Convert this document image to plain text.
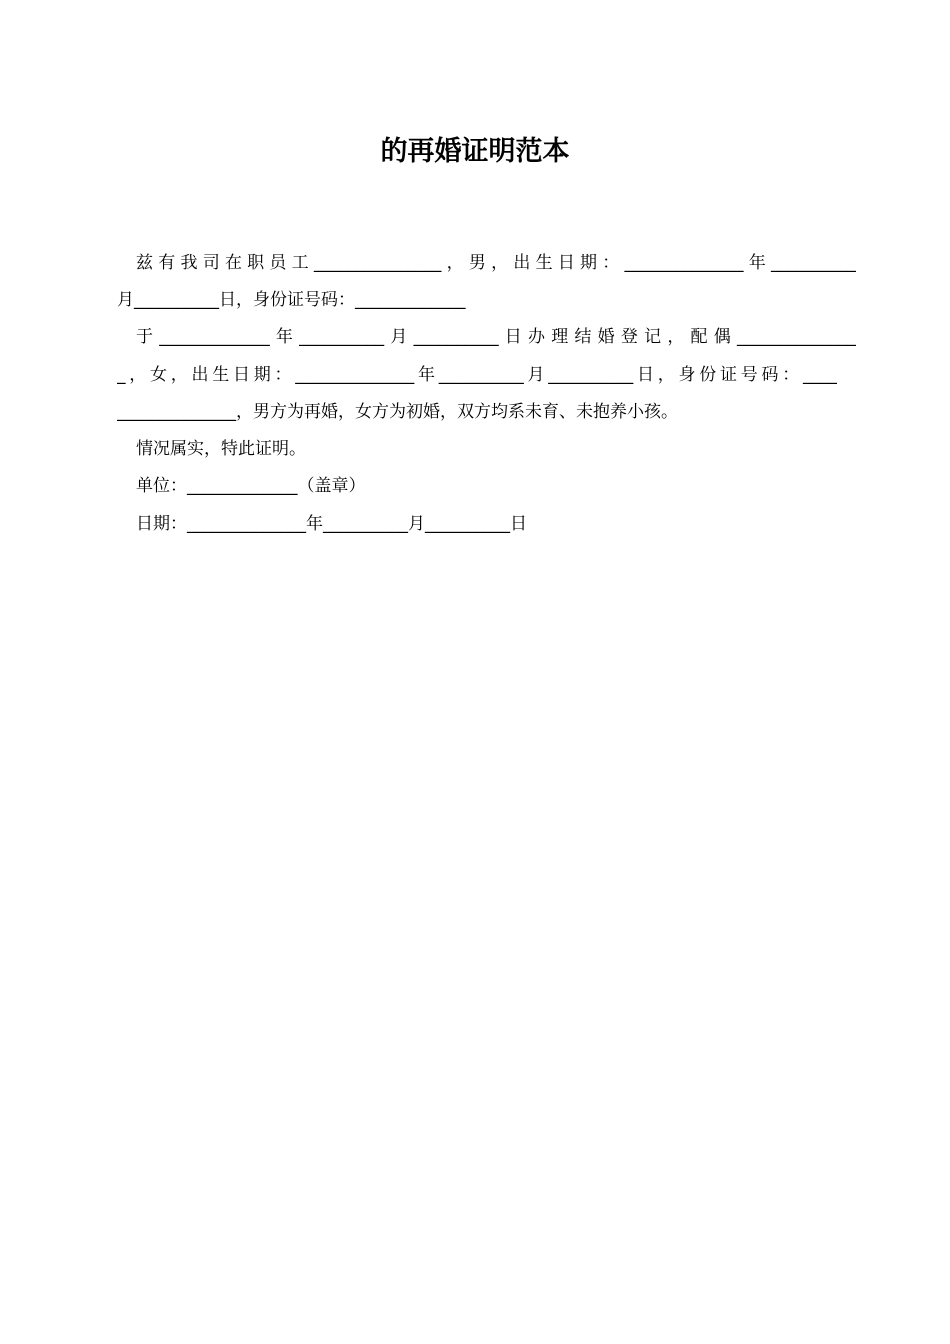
的再婚证明范本
兹有我司在职员工_______________，男，出生日期：______________年__________
月__________日，身份证号码：_____________
于_____________年__________月__________日办理结婚登记，配偶______________
_，女，出生日期：______________年__________月__________日，身份证号码：____
______________，男方为再婚，女方为初婚，双方均系未育、未抱养小孩。
情况属实，特此证明。
单位：_____________（盖章）
日期：______________年__________月__________日
